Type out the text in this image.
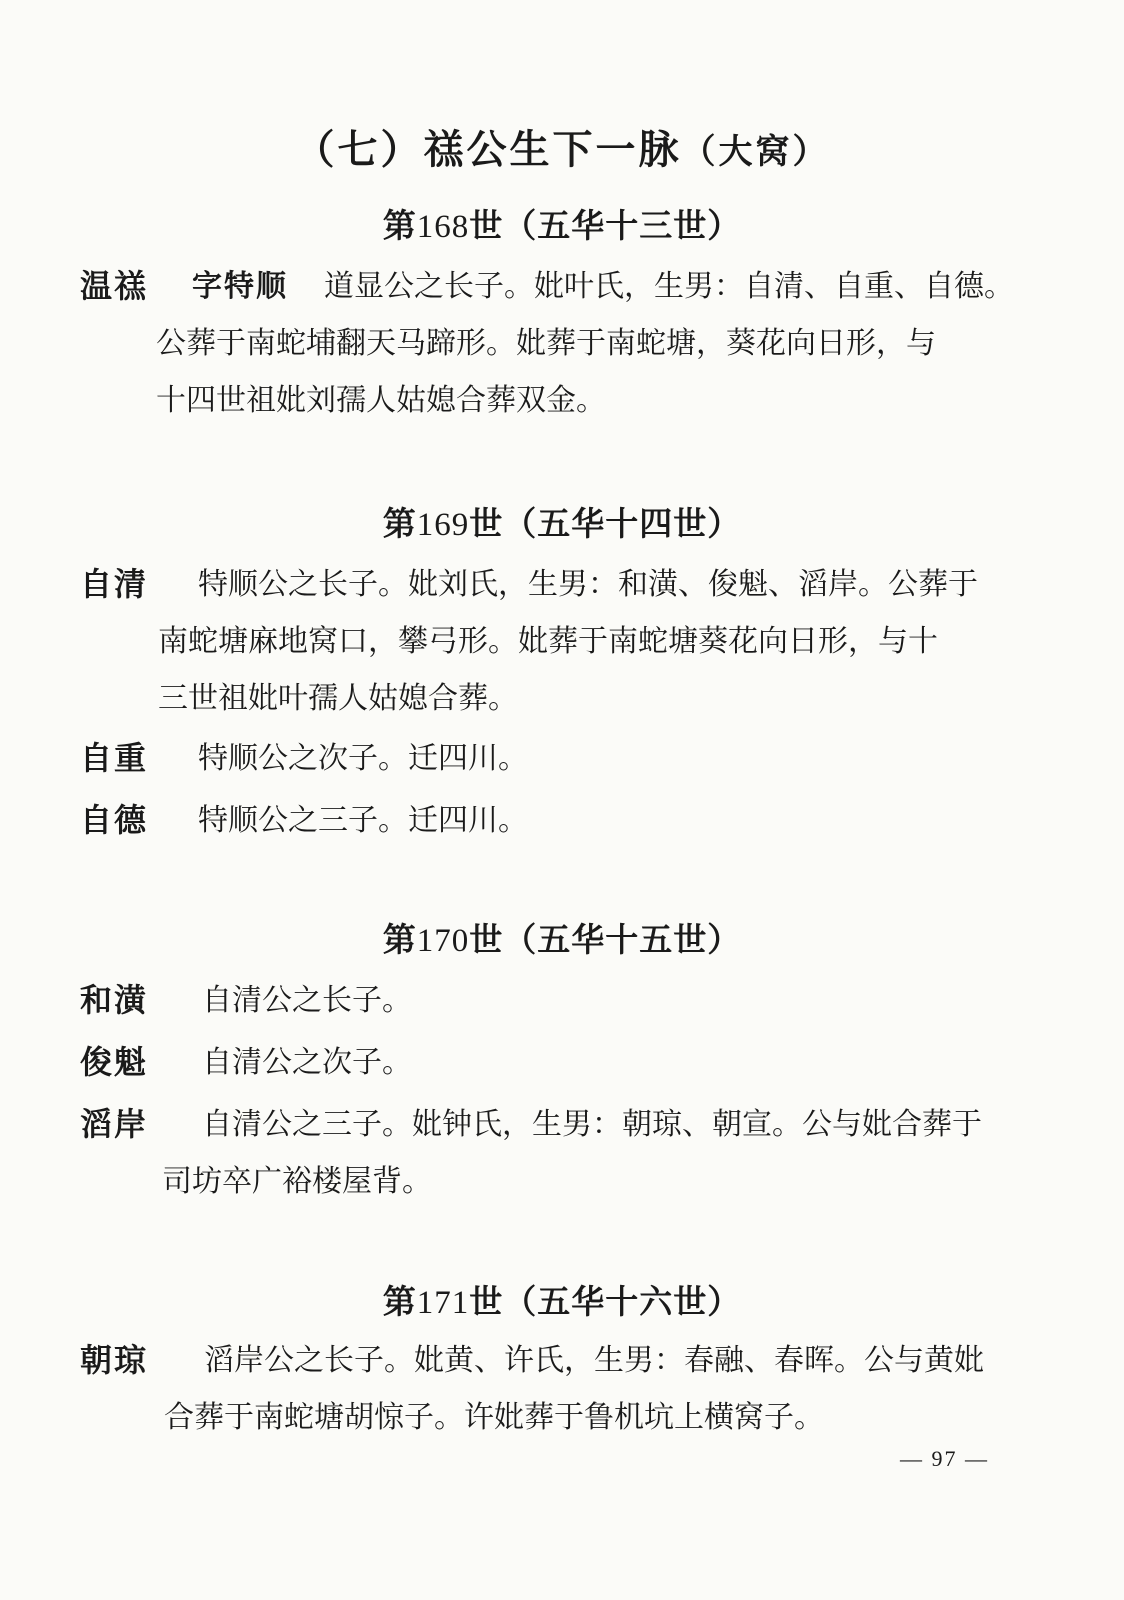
（七）禚公生下一脉（大窝）
第168世（五华十三世）
温禚	字特顺 道显公之长子。妣叶氏，生男：自清、自重、自德。
公葬于南蛇埔翻天马蹄形。妣葬于南蛇塘，葵花向日形，与
十四世祖妣刘孺人姑媳合葬双金。
第169世（五华十四世）
自清	特顺公之长子。妣刘氏，生男：和潢、俊魁、滔岸。公葬于
南蛇塘麻地窝口，攀弓形。妣葬于南蛇塘葵花向日形，与十
三世祖妣叶孺人姑媳合葬。
自重	特顺公之次子。迁四川。
自德	特顺公之三子。迁四川。
第170世（五华十五世）
和潢	自清公之长子。
俊魁	自清公之次子。
滔岸	自清公之三子。妣钟氏，生男：朝琼、朝宣。公与妣合葬于
司坊卒广裕楼屋背。
第171世（五华十六世）
朝琼	滔岸公之长子。妣黄、许氏，生男：春融、春晖。公与黄妣
合葬于南蛇塘胡惊子。许妣葬于鲁机坑上横窝子。
— 97 —
